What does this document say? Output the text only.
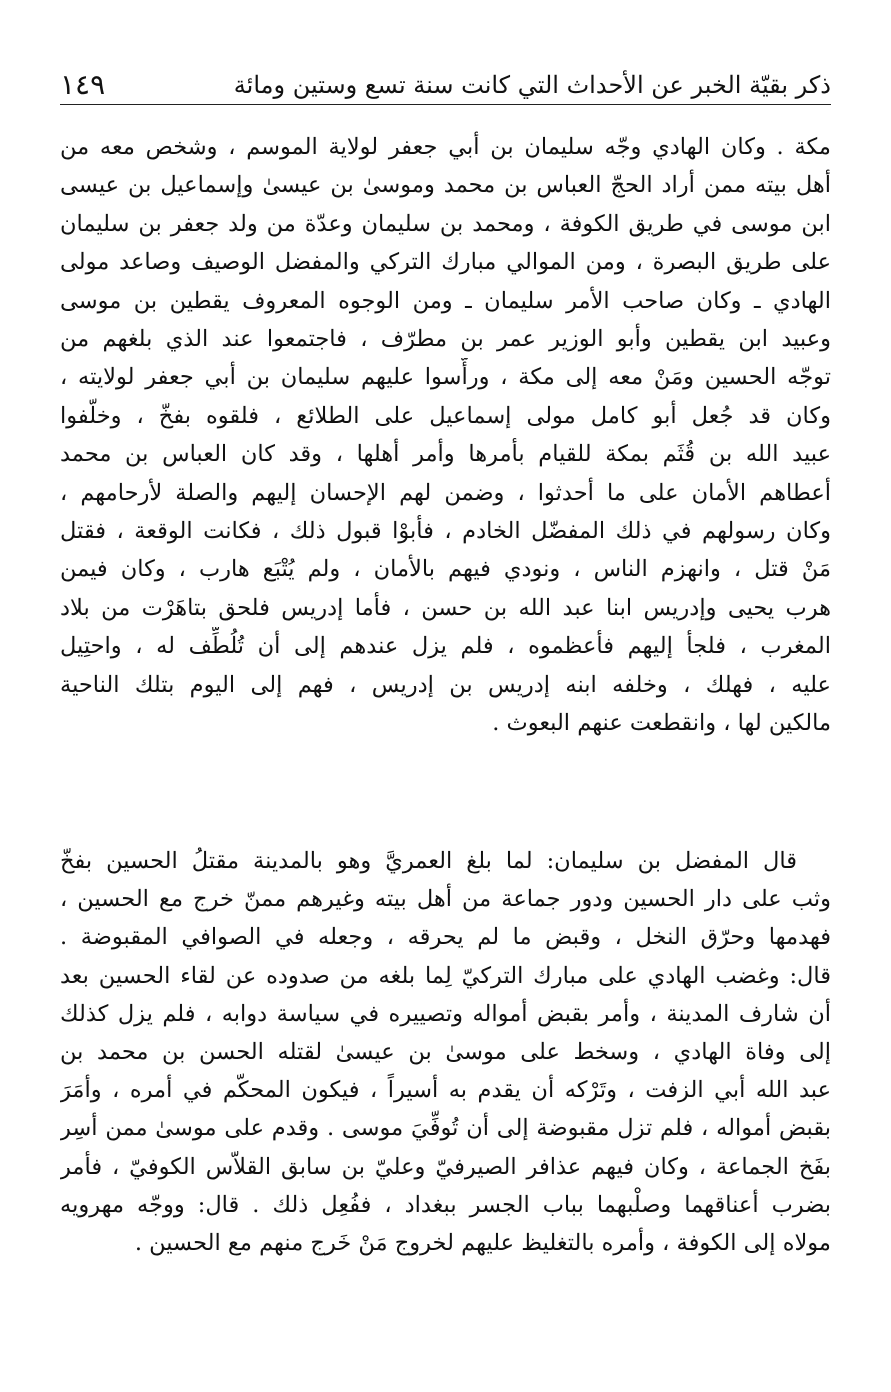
ذكر بقيّة الخبر عن الأحداث التي كانت سنة تسع وستين ومائة
١٤٩
مكة . وكان الهادي وجّه سليمان بن أبي جعفر لولاية الموسم ، وشخص معه من
أهل بيته ممن أراد الحجّ العباس بن محمد وموسىٰ بن عيسىٰ وإسماعيل بن عيسى
ابن موسى في طريق الكوفة ، ومحمد بن سليمان وعدّة من ولد جعفر بن سليمان
على طريق البصرة ، ومن الموالي مبارك التركي والمفضل الوصيف وصاعد مولى
الهادي ـ وكان صاحب الأمر سليمان ـ ومن الوجوه المعروف يقطين بن موسى
وعبيد ابن يقطين وأبو الوزير عمر بن مطرّف ، فاجتمعوا عند الذي بلغهم من
توجّه الحسين ومَنْ معه إلى مكة ، ورأّسوا عليهم سليمان بن أبي جعفر لولايته ،
وكان قد جُعل أبو كامل مولى إسماعيل على الطلائع ، فلقوه بفخّ ، وخلّفوا
عبيد الله بن قُثَم بمكة للقيام بأمرها وأمر أهلها ، وقد كان العباس بن محمد
أعطاهم الأمان على ما أحدثوا ، وضمن لهم الإحسان إليهم والصلة لأرحامهم ،
وكان رسولهم في ذلك المفضّل الخادم ، فأبوْا قبول ذلك ، فكانت الوقعة ، فقتل
مَنْ قتل ، وانهزم الناس ، ونودي فيهم بالأمان ، ولم يُتْبَع هارب ، وكان فيمن
هرب يحيى وإدريس ابنا عبد الله بن حسن ، فأما إدريس فلحق بتاهَرْت من بلاد
المغرب ، فلجأ إليهم فأعظموه ، فلم يزل عندهم إلى أن تُلُطِّف له ، واحتِيل
عليه ، فهلك ، وخلفه ابنه إدريس بن إدريس ، فهم إلى اليوم بتلك الناحية
مالكين لها ، وانقطعت عنهم البعوث .
قال المفضل بن سليمان: لما بلغ العمريَّ وهو بالمدينة مقتلُ الحسين بفخّ
وثب على دار الحسين ودور جماعة من أهل بيته وغيرهم ممنّ خرج مع الحسين ،
فهدمها وحرّق النخل ، وقبض ما لم يحرقه ، وجعله في الصوافي المقبوضة .
قال: وغضب الهادي على مبارك التركيّ لِما بلغه من صدوده عن لقاء الحسين بعد
أن شارف المدينة ، وأمر بقبض أمواله وتصييره في سياسة دوابه ، فلم يزل كذلك
إلى وفاة الهادي ، وسخط على موسىٰ بن عيسىٰ لقتله الحسن بن محمد بن
عبد الله أبي الزفت ، وتَرْكه أن يقدم به أسيراً ، فيكون المحكّم في أمره ، وأمَرَ
بقبض أمواله ، فلم تزل مقبوضة إلى أن تُوفِّيَ موسى . وقدم على موسىٰ ممن أسِر
بفَخ الجماعة ، وكان فيهم عذافر الصيرفيّ وعليّ بن سابق القلاّس الكوفيّ ، فأمر
بضرب أعناقهما وصلْبهما بباب الجسر ببغداد ، ففُعِل ذلك . قال: ووجّه مهرويه
مولاه إلى الكوفة ، وأمره بالتغليظ عليهم لخروج مَنْ خَرج منهم مع الحسين .
